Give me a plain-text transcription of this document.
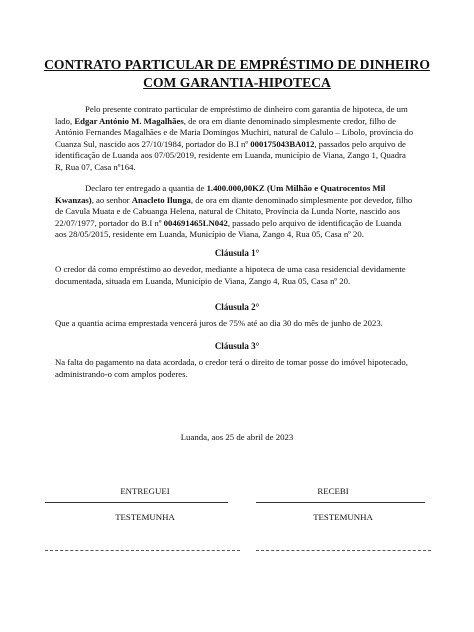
CONTRATO PARTICULAR DE EMPRÉSTIMO DE DINHEIRO
COM GARANTIA-HIPOTECA

Pelo presente contrato particular de empréstimo de dinheiro com garantia de hipoteca, de um lado, Edgar António M. Magalhães, de ora em diante denominado simplesmente credor, filho de António Fernandes Magalhães e de Maria Domingos Muchiri, natural de Calulo – Libolo, província do Cuanza Sul, nascido aos 27/10/1984, portador do B.I nº 000175043BA012, passados pelo arquivo de identificação de Luanda aos 07/05/2019, residente em Luanda, município de Viana, Zango 1, Quadra R, Rua 07, Casa nº164.

Declaro ter entregado a quantia de 1.400.000,00KZ (Um Milhão e Quatrocentos Mil Kwanzas), ao senhor Anacleto Ilunga, de ora em diante denominado simplesmente por devedor, filho de Cavula Muata e de Cabuanga Helena, natural de Chitato, Província da Lunda Norte, nascido aos 22/07/1977, portador do B.I nº 004691465LN042, passado pelo arquivo de identificação de Luanda aos 28/05/2015, residente em Luanda, Município de Viana, Zango 4, Rua 05, Casa nº 20.

Cláusula 1°

O credor dá como empréstimo ao devedor, mediante a hipoteca de uma casa residencial devidamente documentada, situada em Luanda, Município de Viana, Zango 4, Rua 05, Casa nº 20.

Cláusula 2°

Que a quantia acima emprestada vencerá juros de 75% até ao dia 30 do mês de junho de 2023.

Cláusula 3°

Na falta do pagamento na data acordada, o credor terá o direito de tomar posse do imóvel hipotecado, administrando-o com amplos poderes.

Luanda, aos 25 de abril de 2023
ENTREGUEI	RECEBI
TESTEMUNHA	TESTEMUNHA
